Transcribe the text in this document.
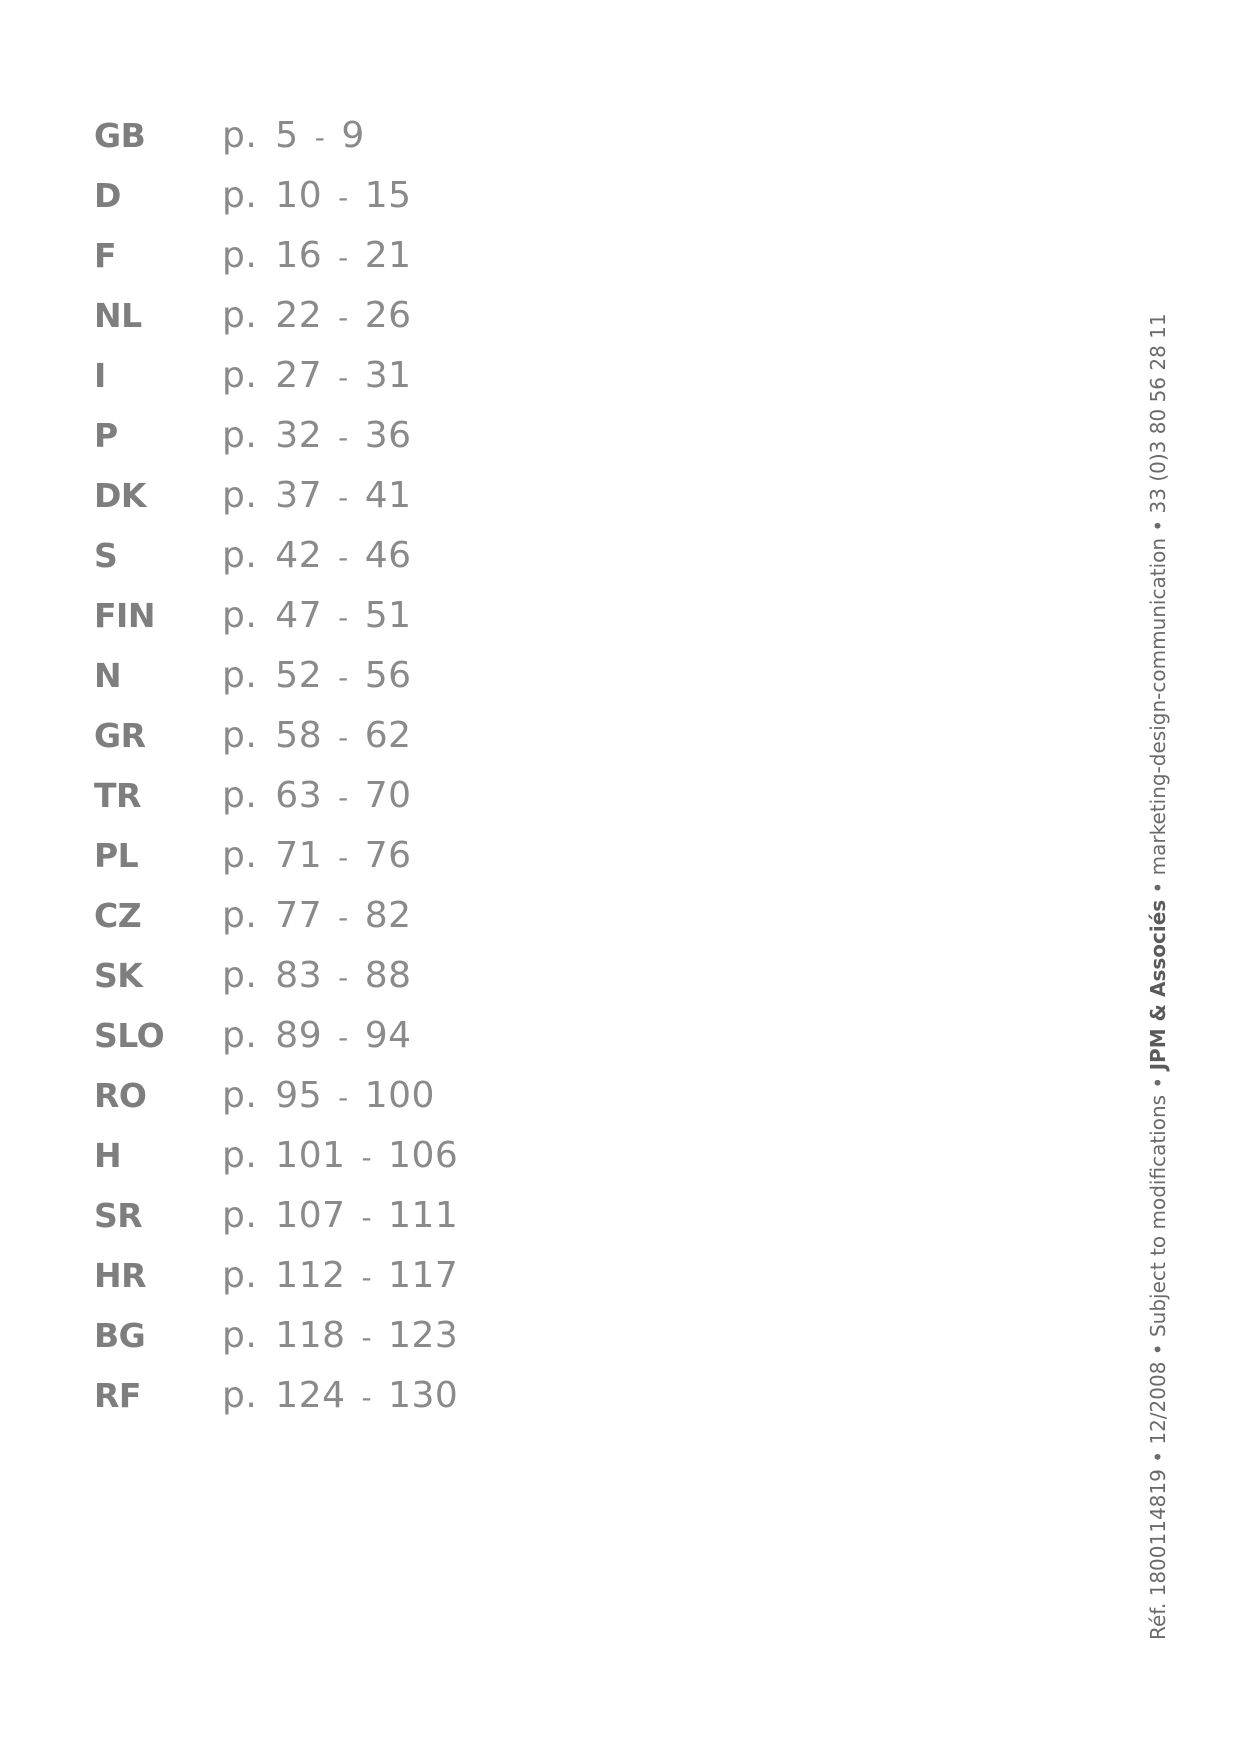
GB	p. 5 - 9
D	p. 10 - 15
F	p. 16 - 21
NL	p. 22 - 26
I	p. 27 - 31
P	p. 32 - 36
DK	p. 37 - 41
S	p. 42 - 46
FIN	p. 47 - 51
N	p. 52 - 56
GR	p. 58 - 62
TR	p. 63 - 70
PL	p. 71 - 76
CZ	p. 77 - 82
SK	p. 83 - 88
SLO	p. 89 - 94
RO	p. 95 - 100
H	p. 101 - 106
SR	p. 107 - 111
HR	p. 112 - 117
BG	p. 118 - 123
RF	p. 124 - 130	Réf. 1800114819 • 12/2008 • Subject to modifications • JPM & Associés • marketing-design-communication • 33 (0)3 80 56 28 11
